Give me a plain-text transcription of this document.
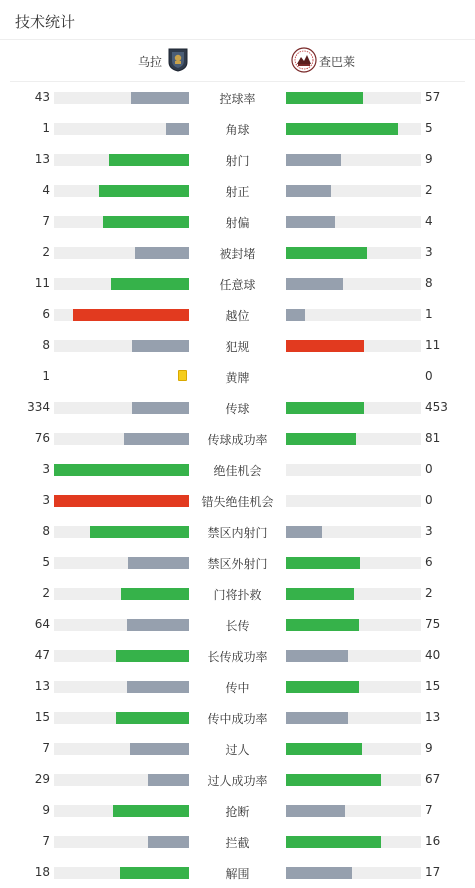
技术统计
乌拉	查巴莱
43	控球率	57
1	角球	5
13	射门	9
4	射正	2
7	射偏	4
2	被封堵	3
11	任意球	8
6	越位	1
8	犯规	11
1	黄牌	0
334	传球	453
76	传球成功率	81
3	绝佳机会	0
3	错失绝佳机会	0
8	禁区内射门	3
5	禁区外射门	6
2	门将扑救	2
64	长传	75
47	长传成功率	40
13	传中	15
15	传中成功率	13
7	过人	9
29	过人成功率	67
9	抢断	7
7	拦截	16
18	解围	17
